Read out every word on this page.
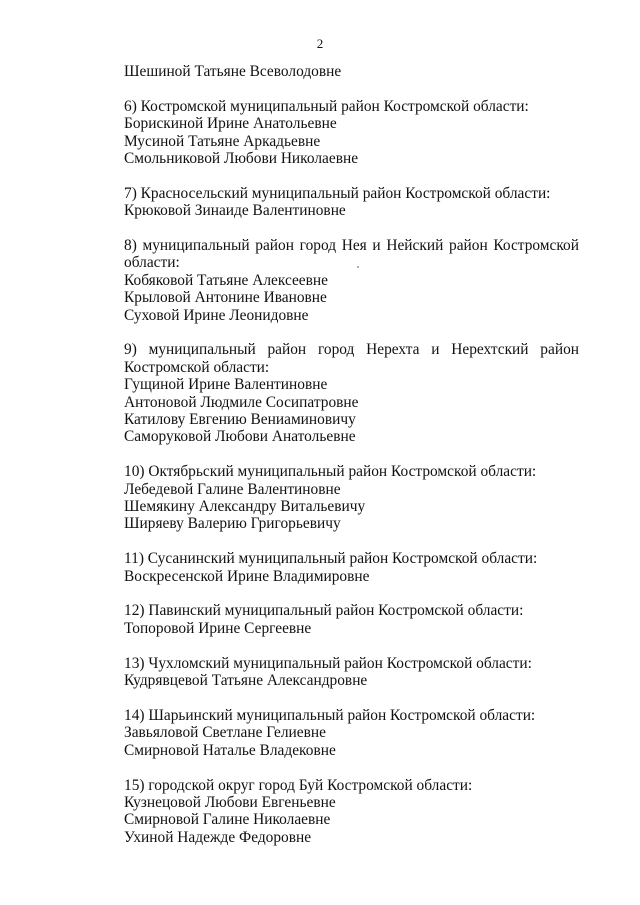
2
Шешиной Татьяне Всеволодовне
6) Костромской муниципальный район Костромской области:
Борискиной Ирине Анатольевне
Мусиной Татьяне Аркадьевне
Смольниковой Любови Николаевне
7) Красносельский муниципальный район Костромской области:
Крюковой Зинаиде Валентиновне
8) муниципальный район город Нея и Нейский район Костромской
области:
Кобяковой Татьяне Алексеевне
Крыловой Антонине Ивановне
Суховой Ирине Леонидовне
9) муниципальный район город Нерехта и Нерехтский район
Костромской области:
Гущиной Ирине Валентиновне
Антоновой Людмиле Сосипатровне
Катилову Евгению Вениаминовичу
Саморуковой Любови Анатольевне
10) Октябрьский муниципальный район Костромской области:
Лебедевой Галине Валентиновне
Шемякину Александру Витальевичу
Ширяеву Валерию Григорьевичу
11) Сусанинский муниципальный район Костромской области:
Воскресенской Ирине Владимировне
12) Павинский муниципальный район Костромской области:
Топоровой Ирине Сергеевне
13) Чухломский муниципальный район Костромской области:
Кудрявцевой Татьяне Александровне
14) Шарьинский муниципальный район Костромской области:
Завьяловой Светлане Гелиевне
Смирновой Наталье Владековне
15) городской округ город Буй Костромской области:
Кузнецовой Любови Евгеньевне
Смирновой Галине Николаевне
Ухиной Надежде Федоровне
